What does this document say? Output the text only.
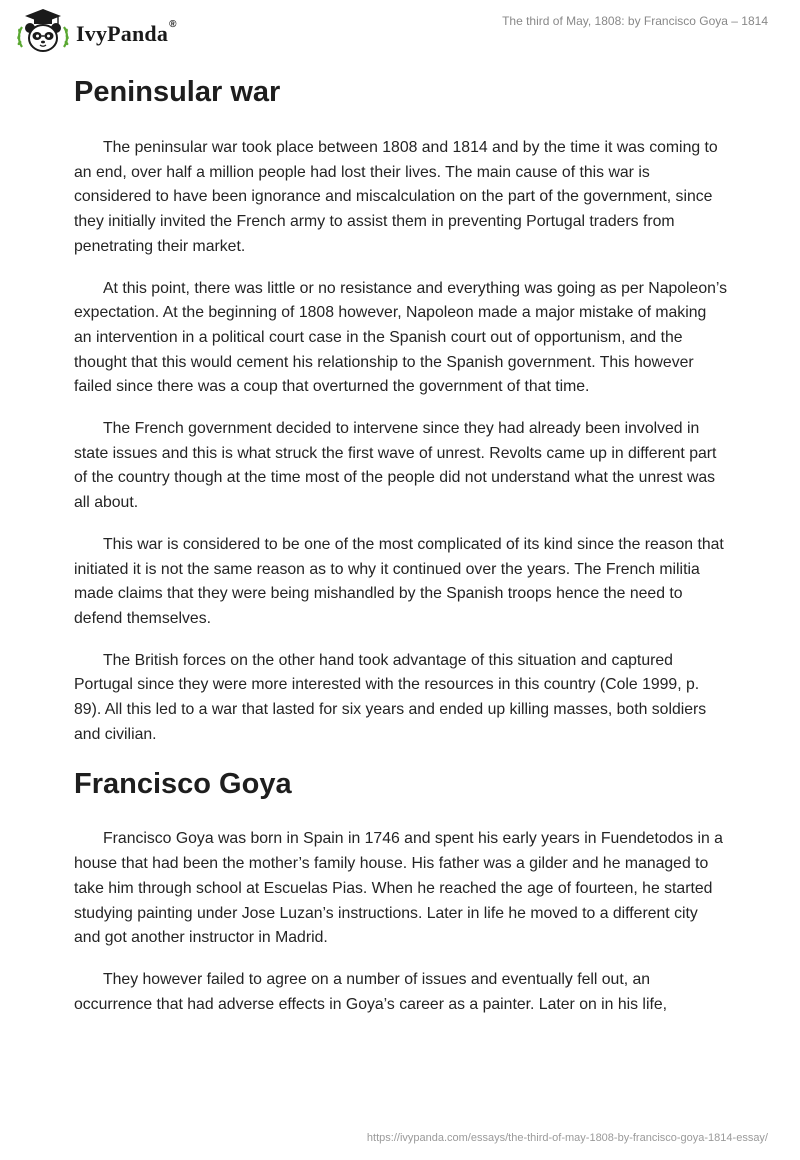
IvyPanda®	The third of May, 1808: by Francisco Goya – 1814
Peninsular war

The peninsular war took place between 1808 and 1814 and by the time it was coming to an end, over half a million people had lost their lives. The main cause of this war is considered to have been ignorance and miscalculation on the part of the government, since they initially invited the French army to assist them in preventing Portugal traders from penetrating their market.

At this point, there was little or no resistance and everything was going as per Napoleon’s expectation. At the beginning of 1808 however, Napoleon made a major mistake of making an intervention in a political court case in the Spanish court out of opportunism, and the thought that this would cement his relationship to the Spanish government. This however failed since there was a coup that overturned the government of that time.

The French government decided to intervene since they had already been involved in state issues and this is what struck the first wave of unrest. Revolts came up in different part of the country though at the time most of the people did not understand what the unrest was all about.

This war is considered to be one of the most complicated of its kind since the reason that initiated it is not the same reason as to why it continued over the years. The French militia made claims that they were being mishandled by the Spanish troops hence the need to defend themselves.

The British forces on the other hand took advantage of this situation and captured Portugal since they were more interested with the resources in this country (Cole 1999, p. 89). All this led to a war that lasted for six years and ended up killing masses, both soldiers and civilian.

Francisco Goya

Francisco Goya was born in Spain in 1746 and spent his early years in Fuendetodos in a house that had been the mother’s family house. His father was a gilder and he managed to take him through school at Escuelas Pias. When he reached the age of fourteen, he started studying painting under Jose Luzan’s instructions. Later in life he moved to a different city and got another instructor in Madrid.

They however failed to agree on a number of issues and eventually fell out, an occurrence that had adverse effects in Goya’s career as a painter. Later on in his life,

https://ivypanda.com/essays/the-third-of-may-1808-by-francisco-goya-1814-essay/
